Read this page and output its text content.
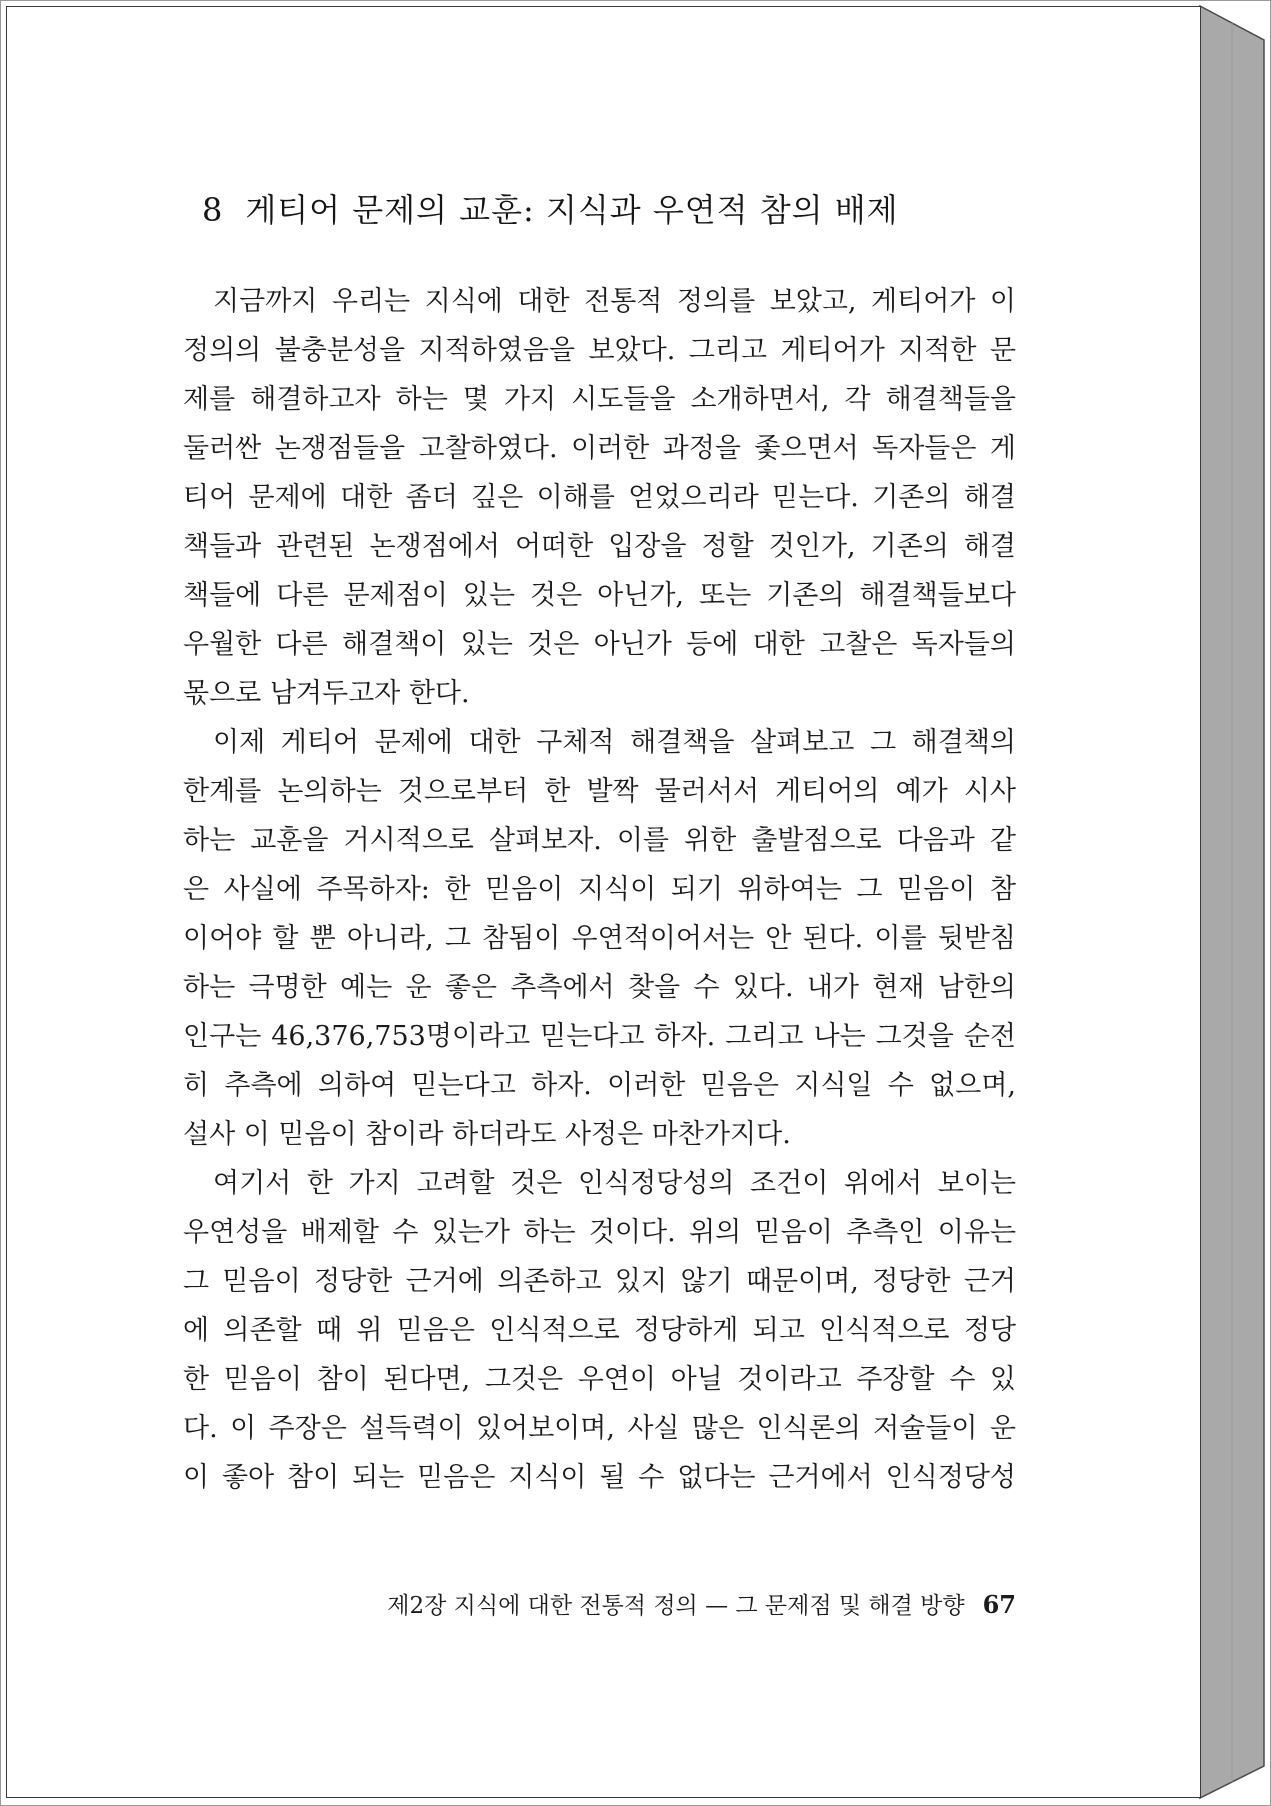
8 게티어 문제의 교훈: 지식과 우연적 참의 배제
지금까지 우리는 지식에 대한 전통적 정의를 보았고, 게티어가 이
정의의 불충분성을 지적하였음을 보았다. 그리고 게티어가 지적한 문
제를 해결하고자 하는 몇 가지 시도들을 소개하면서, 각 해결책들을
둘러싼 논쟁점들을 고찰하였다. 이러한 과정을 좇으면서 독자들은 게
티어 문제에 대한 좀더 깊은 이해를 얻었으리라 믿는다. 기존의 해결
책들과 관련된 논쟁점에서 어떠한 입장을 정할 것인가, 기존의 해결
책들에 다른 문제점이 있는 것은 아닌가, 또는 기존의 해결책들보다
우월한 다른 해결책이 있는 것은 아닌가 등에 대한 고찰은 독자들의
몫으로 남겨두고자 한다.
이제 게티어 문제에 대한 구체적 해결책을 살펴보고 그 해결책의
한계를 논의하는 것으로부터 한 발짝 물러서서 게티어의 예가 시사
하는 교훈을 거시적으로 살펴보자. 이를 위한 출발점으로 다음과 같
은 사실에 주목하자: 한 믿음이 지식이 되기 위하여는 그 믿음이 참
이어야 할 뿐 아니라, 그 참됨이 우연적이어서는 안 된다. 이를 뒷받침
하는 극명한 예는 운 좋은 추측에서 찾을 수 있다. 내가 현재 남한의
인구는 46,376,753명이라고 믿는다고 하자. 그리고 나는 그것을 순전
히 추측에 의하여 믿는다고 하자. 이러한 믿음은 지식일 수 없으며,
설사 이 믿음이 참이라 하더라도 사정은 마찬가지다.
여기서 한 가지 고려할 것은 인식정당성의 조건이 위에서 보이는
우연성을 배제할 수 있는가 하는 것이다. 위의 믿음이 추측인 이유는
그 믿음이 정당한 근거에 의존하고 있지 않기 때문이며, 정당한 근거
에 의존할 때 위 믿음은 인식적으로 정당하게 되고 인식적으로 정당
한 믿음이 참이 된다면, 그것은 우연이 아닐 것이라고 주장할 수 있
다. 이 주장은 설득력이 있어보이며, 사실 많은 인식론의 저술들이 운
이 좋아 참이 되는 믿음은 지식이 될 수 없다는 근거에서 인식정당성
제2장 지식에 대한 전통적 정의 — 그 문제점 및 해결 방향 67
